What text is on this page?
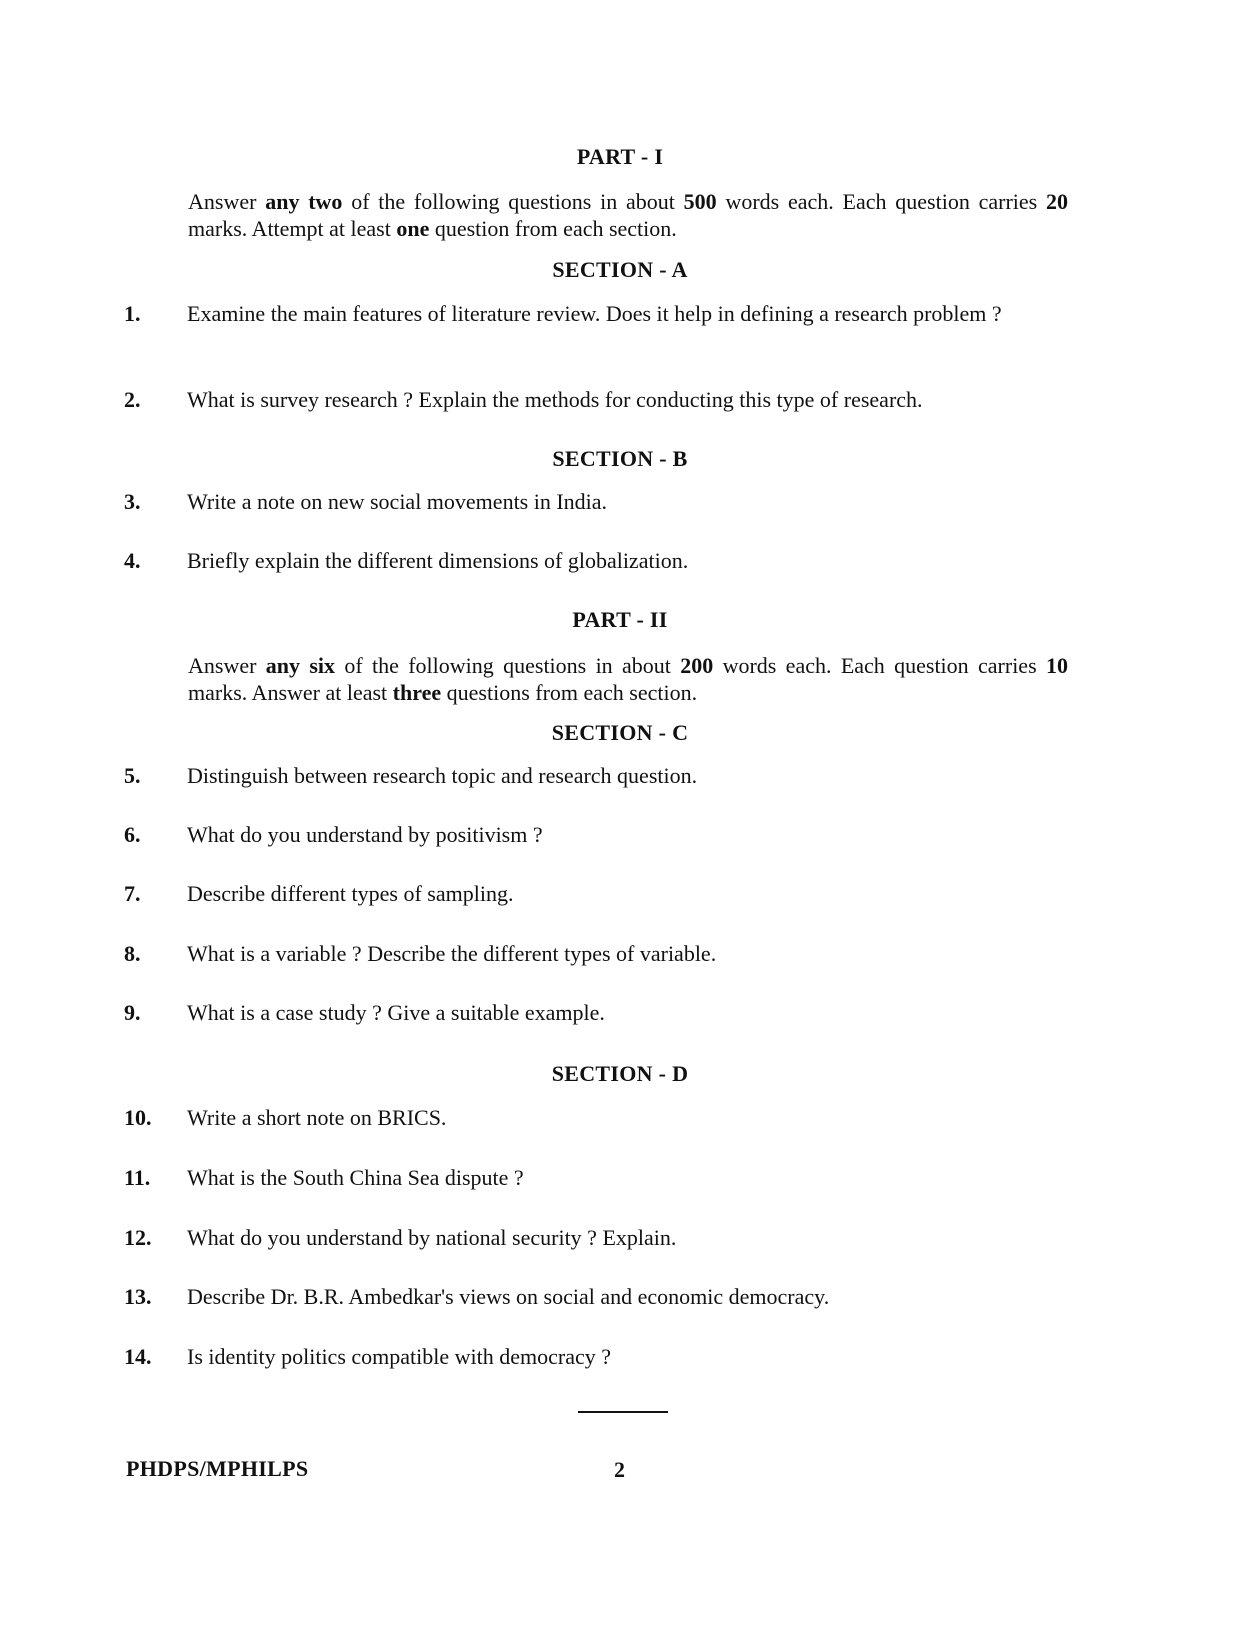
PART - I
Answer any two of the following questions in about 500 words each. Each question carries 20 marks. Attempt at least one question from each section.
SECTION - A
1.	Examine the main features of literature review. Does it help in defining a research problem ?
2.	What is survey research ? Explain the methods for conducting this type of research.
SECTION - B
3.	Write a note on new social movements in India.
4.	Briefly explain the different dimensions of globalization.
PART - II
Answer any six of the following questions in about 200 words each. Each question carries 10 marks. Answer at least three questions from each section.
SECTION - C
5.	Distinguish between research topic and research question.
6.	What do you understand by positivism ?
7.	Describe different types of sampling.
8.	What is a variable ? Describe the different types of variable.
9.	What is a case study ? Give a suitable example.
SECTION - D
10.	Write a short note on BRICS.
11.	What is the South China Sea dispute ?
12.	What do you understand by national security ? Explain.
13.	Describe Dr. B.R. Ambedkar's views on social and economic democracy.
14.	Is identity politics compatible with democracy ?
PHDPS/MPHILPS	2
